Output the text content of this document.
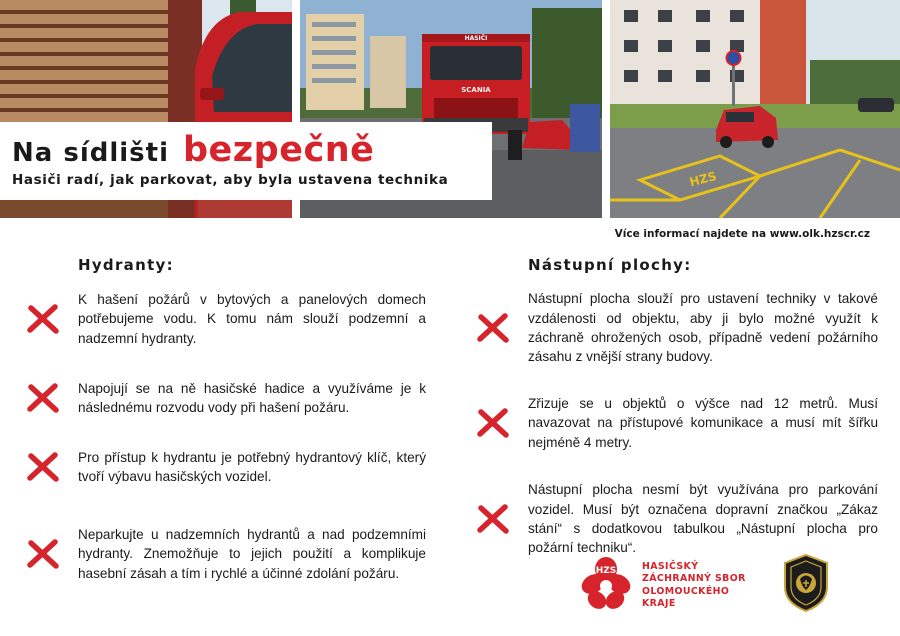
HASIČI
SCANIA
HZS
Na sídlišti bezpečně
Hasiči radí, jak parkovat, aby byla ustavena technika
Více informací najdete na www.olk.hzscr.cz
Hydranty:
K hašení požárů v bytových a panelových domech potřebujeme vodu. K tomu nám slouží podzemní a nadzemní hydranty.
Napojují se na ně hasičské hadice a využíváme je k následnému rozvodu vody při hašení požáru.
Pro přístup k hydrantu je potřebný hydrantový klíč, který tvoří výbavu hasičských vozidel.
Neparkujte u nadzemních hydrantů a nad podzemními hydranty. Znemožňuje to jejich použití a komplikuje hasební zásah a tím i rychlé a účinné zdolání požáru.
Nástupní plochy:
Nástupní plocha slouží pro ustavení techniky v takové vzdálenosti od objektu, aby ji bylo možné využít k záchraně ohrožených osob, případně vedení požárního zásahu z vnější strany budovy.
Zřizuje se u objektů o výšce nad 12 metrů. Musí navazovat na přístupové komunikace a musí mít šířku nejméně 4 metry.
Nástupní plocha nesmí být využívána pro parkování vozidel. Musí být označena dopravní značkou „Zákaz stání“ s dodatkovou tabulkou „Nástupní plocha pro požární techniku“.
HZS	HASIČSKÝ
ZÁCHRANNÝ SBOR
OLOMOUCKÉHO
KRAJE
